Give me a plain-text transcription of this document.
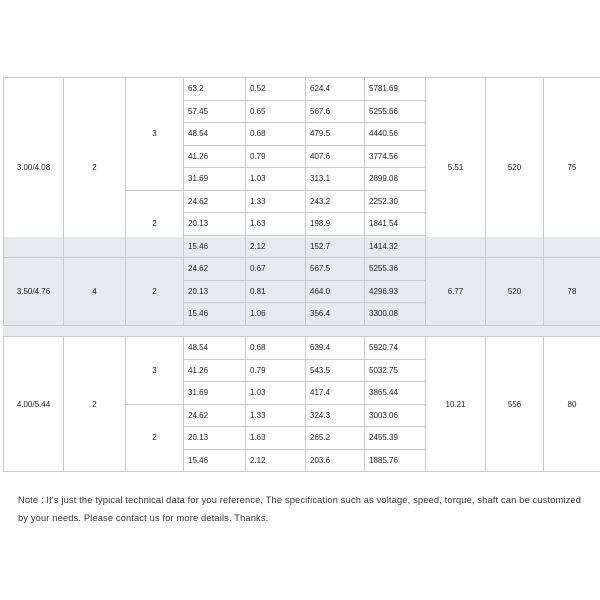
3.00/4.08	2	3	63.2	0.52	624.4	5781.69	5.51	520	75
			57.45	0.65	567.6	5255.66			
			48.54	0.68	479.5	4440.56			
			41.26	0.79	407.6	3774.56			
			31.69	1.03	313.1	2899.08			
		2	24.62	1.33	243.2	2252.30			
			20.13	1.63	198.9	1841.54			
			15.46	2.12	152.7	1414.32			
3.50/4.76	4	2	24.62	0.67	567.5	5255.36	6.77	520	78
			20.13	0.81	464.0	4296.93			
			15.46	1.06	356.4	3300.08			
4.00/5.44	2	3	48.54	0.68	639.4	5920.74	10.21	556	80
			41.26	0.79	543.5	5032.75			
			31.69	1.03	417.4	3865.44			
		2	24.62	1.33	324.3	3003.06			
			20.13	1.63	265.2	2455.39			
			15.46	2.12	203.6	1885.76			
Note : It's just the typical technical data for you reference, The specification such as voltage, speed, torque, shaft can be customized by your needs. Please contact us for more details. Thanks.
